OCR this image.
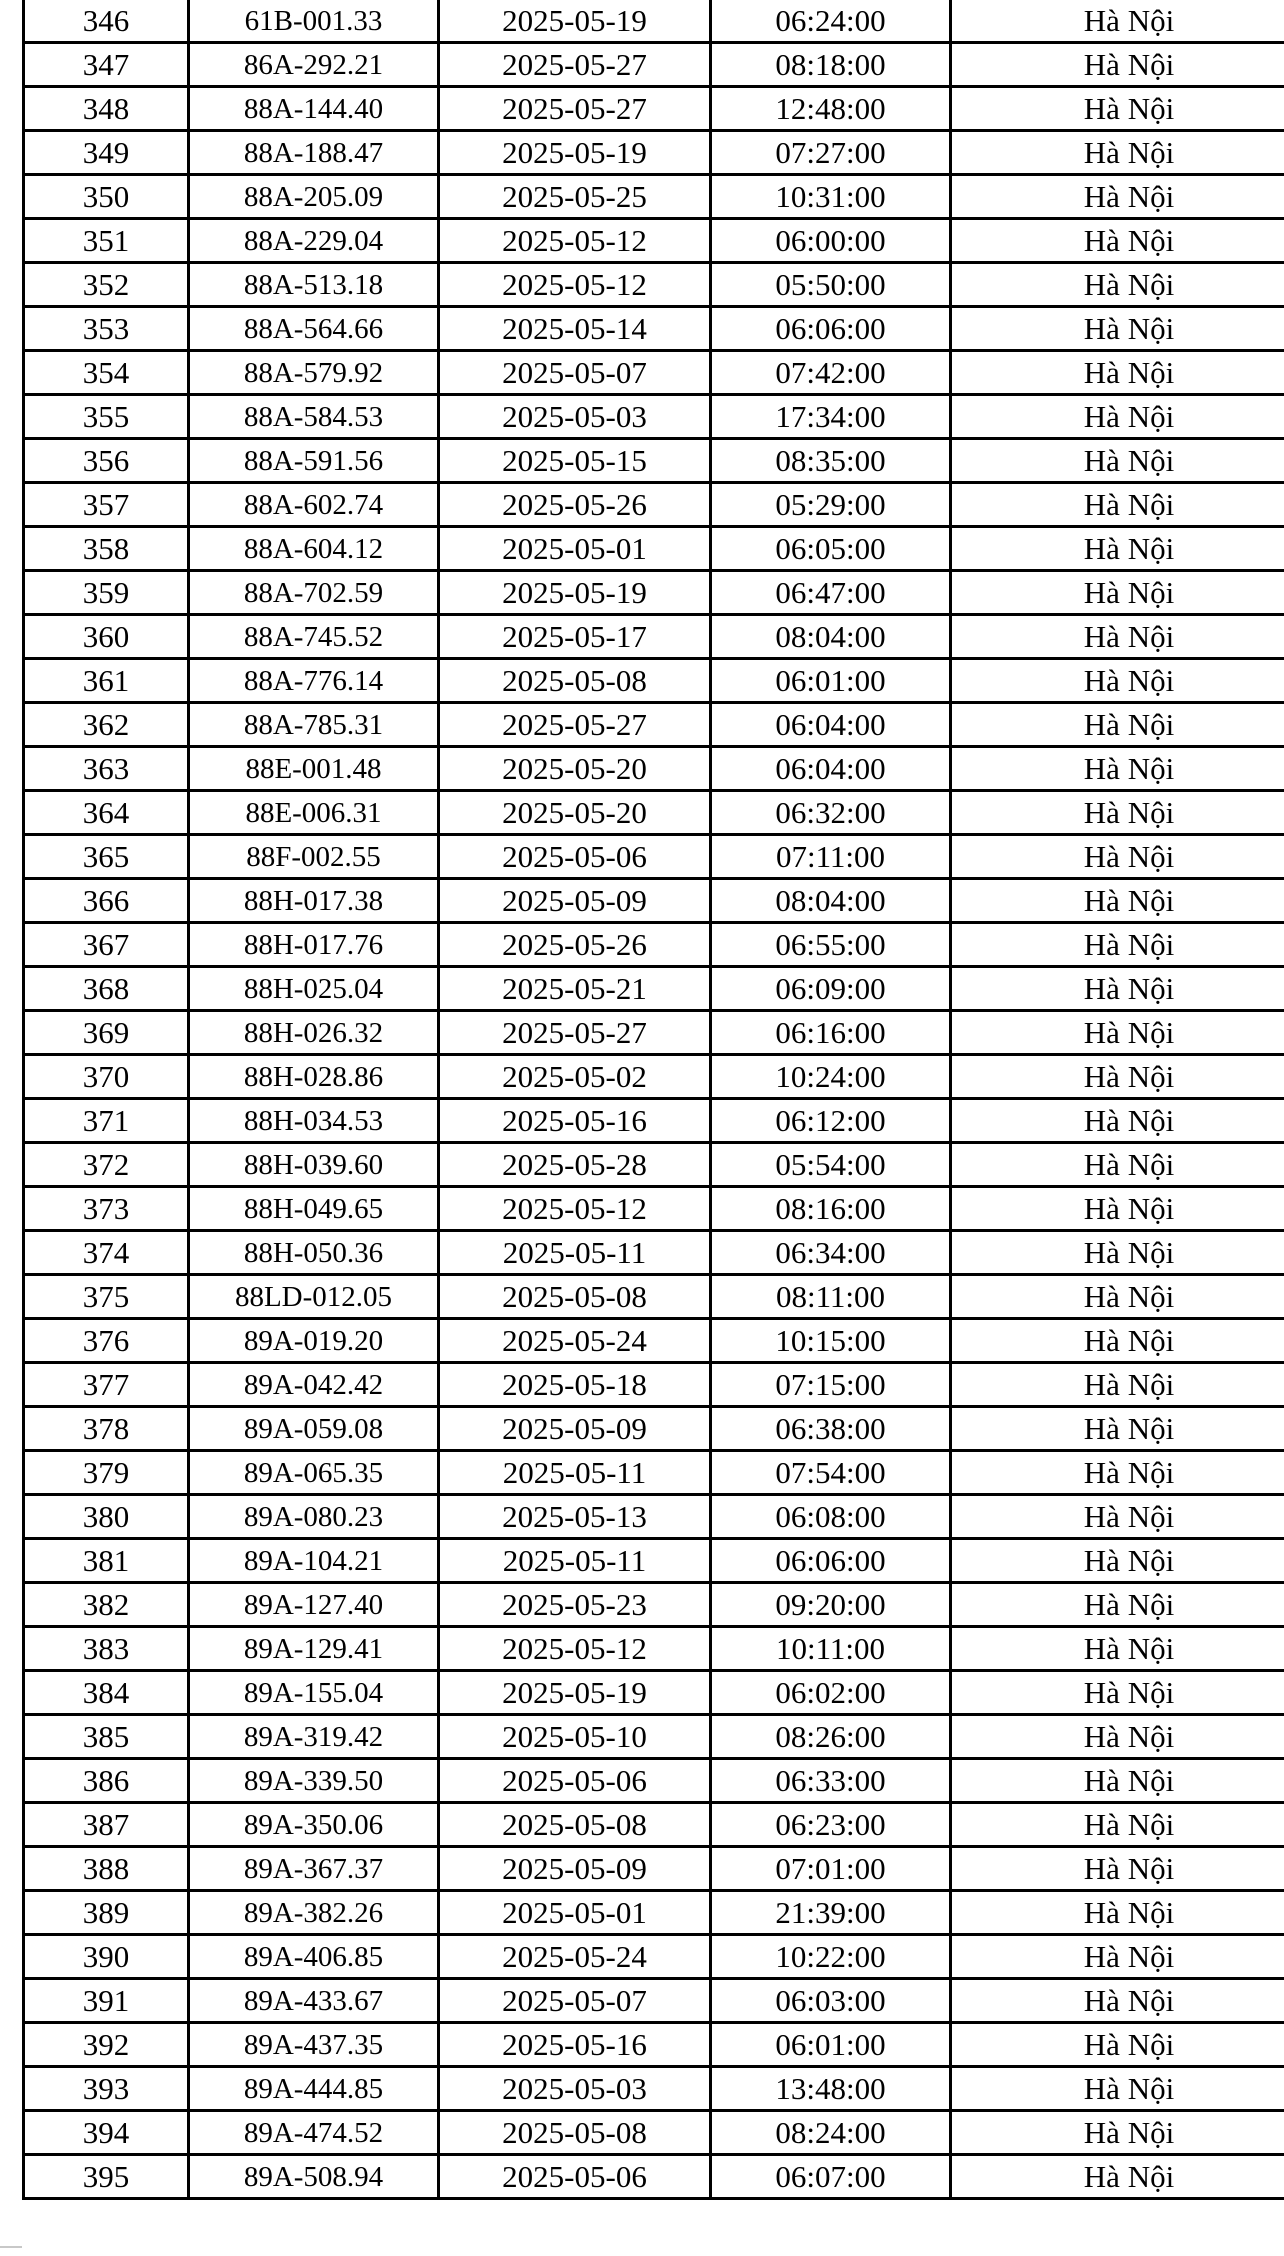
346	61B-001.33	2025-05-19	06:24:00	Hà Nội
347	86A-292.21	2025-05-27	08:18:00	Hà Nội
348	88A-144.40	2025-05-27	12:48:00	Hà Nội
349	88A-188.47	2025-05-19	07:27:00	Hà Nội
350	88A-205.09	2025-05-25	10:31:00	Hà Nội
351	88A-229.04	2025-05-12	06:00:00	Hà Nội
352	88A-513.18	2025-05-12	05:50:00	Hà Nội
353	88A-564.66	2025-05-14	06:06:00	Hà Nội
354	88A-579.92	2025-05-07	07:42:00	Hà Nội
355	88A-584.53	2025-05-03	17:34:00	Hà Nội
356	88A-591.56	2025-05-15	08:35:00	Hà Nội
357	88A-602.74	2025-05-26	05:29:00	Hà Nội
358	88A-604.12	2025-05-01	06:05:00	Hà Nội
359	88A-702.59	2025-05-19	06:47:00	Hà Nội
360	88A-745.52	2025-05-17	08:04:00	Hà Nội
361	88A-776.14	2025-05-08	06:01:00	Hà Nội
362	88A-785.31	2025-05-27	06:04:00	Hà Nội
363	88E-001.48	2025-05-20	06:04:00	Hà Nội
364	88E-006.31	2025-05-20	06:32:00	Hà Nội
365	88F-002.55	2025-05-06	07:11:00	Hà Nội
366	88H-017.38	2025-05-09	08:04:00	Hà Nội
367	88H-017.76	2025-05-26	06:55:00	Hà Nội
368	88H-025.04	2025-05-21	06:09:00	Hà Nội
369	88H-026.32	2025-05-27	06:16:00	Hà Nội
370	88H-028.86	2025-05-02	10:24:00	Hà Nội
371	88H-034.53	2025-05-16	06:12:00	Hà Nội
372	88H-039.60	2025-05-28	05:54:00	Hà Nội
373	88H-049.65	2025-05-12	08:16:00	Hà Nội
374	88H-050.36	2025-05-11	06:34:00	Hà Nội
375	88LD-012.05	2025-05-08	08:11:00	Hà Nội
376	89A-019.20	2025-05-24	10:15:00	Hà Nội
377	89A-042.42	2025-05-18	07:15:00	Hà Nội
378	89A-059.08	2025-05-09	06:38:00	Hà Nội
379	89A-065.35	2025-05-11	07:54:00	Hà Nội
380	89A-080.23	2025-05-13	06:08:00	Hà Nội
381	89A-104.21	2025-05-11	06:06:00	Hà Nội
382	89A-127.40	2025-05-23	09:20:00	Hà Nội
383	89A-129.41	2025-05-12	10:11:00	Hà Nội
384	89A-155.04	2025-05-19	06:02:00	Hà Nội
385	89A-319.42	2025-05-10	08:26:00	Hà Nội
386	89A-339.50	2025-05-06	06:33:00	Hà Nội
387	89A-350.06	2025-05-08	06:23:00	Hà Nội
388	89A-367.37	2025-05-09	07:01:00	Hà Nội
389	89A-382.26	2025-05-01	21:39:00	Hà Nội
390	89A-406.85	2025-05-24	10:22:00	Hà Nội
391	89A-433.67	2025-05-07	06:03:00	Hà Nội
392	89A-437.35	2025-05-16	06:01:00	Hà Nội
393	89A-444.85	2025-05-03	13:48:00	Hà Nội
394	89A-474.52	2025-05-08	08:24:00	Hà Nội
395	89A-508.94	2025-05-06	06:07:00	Hà Nội
